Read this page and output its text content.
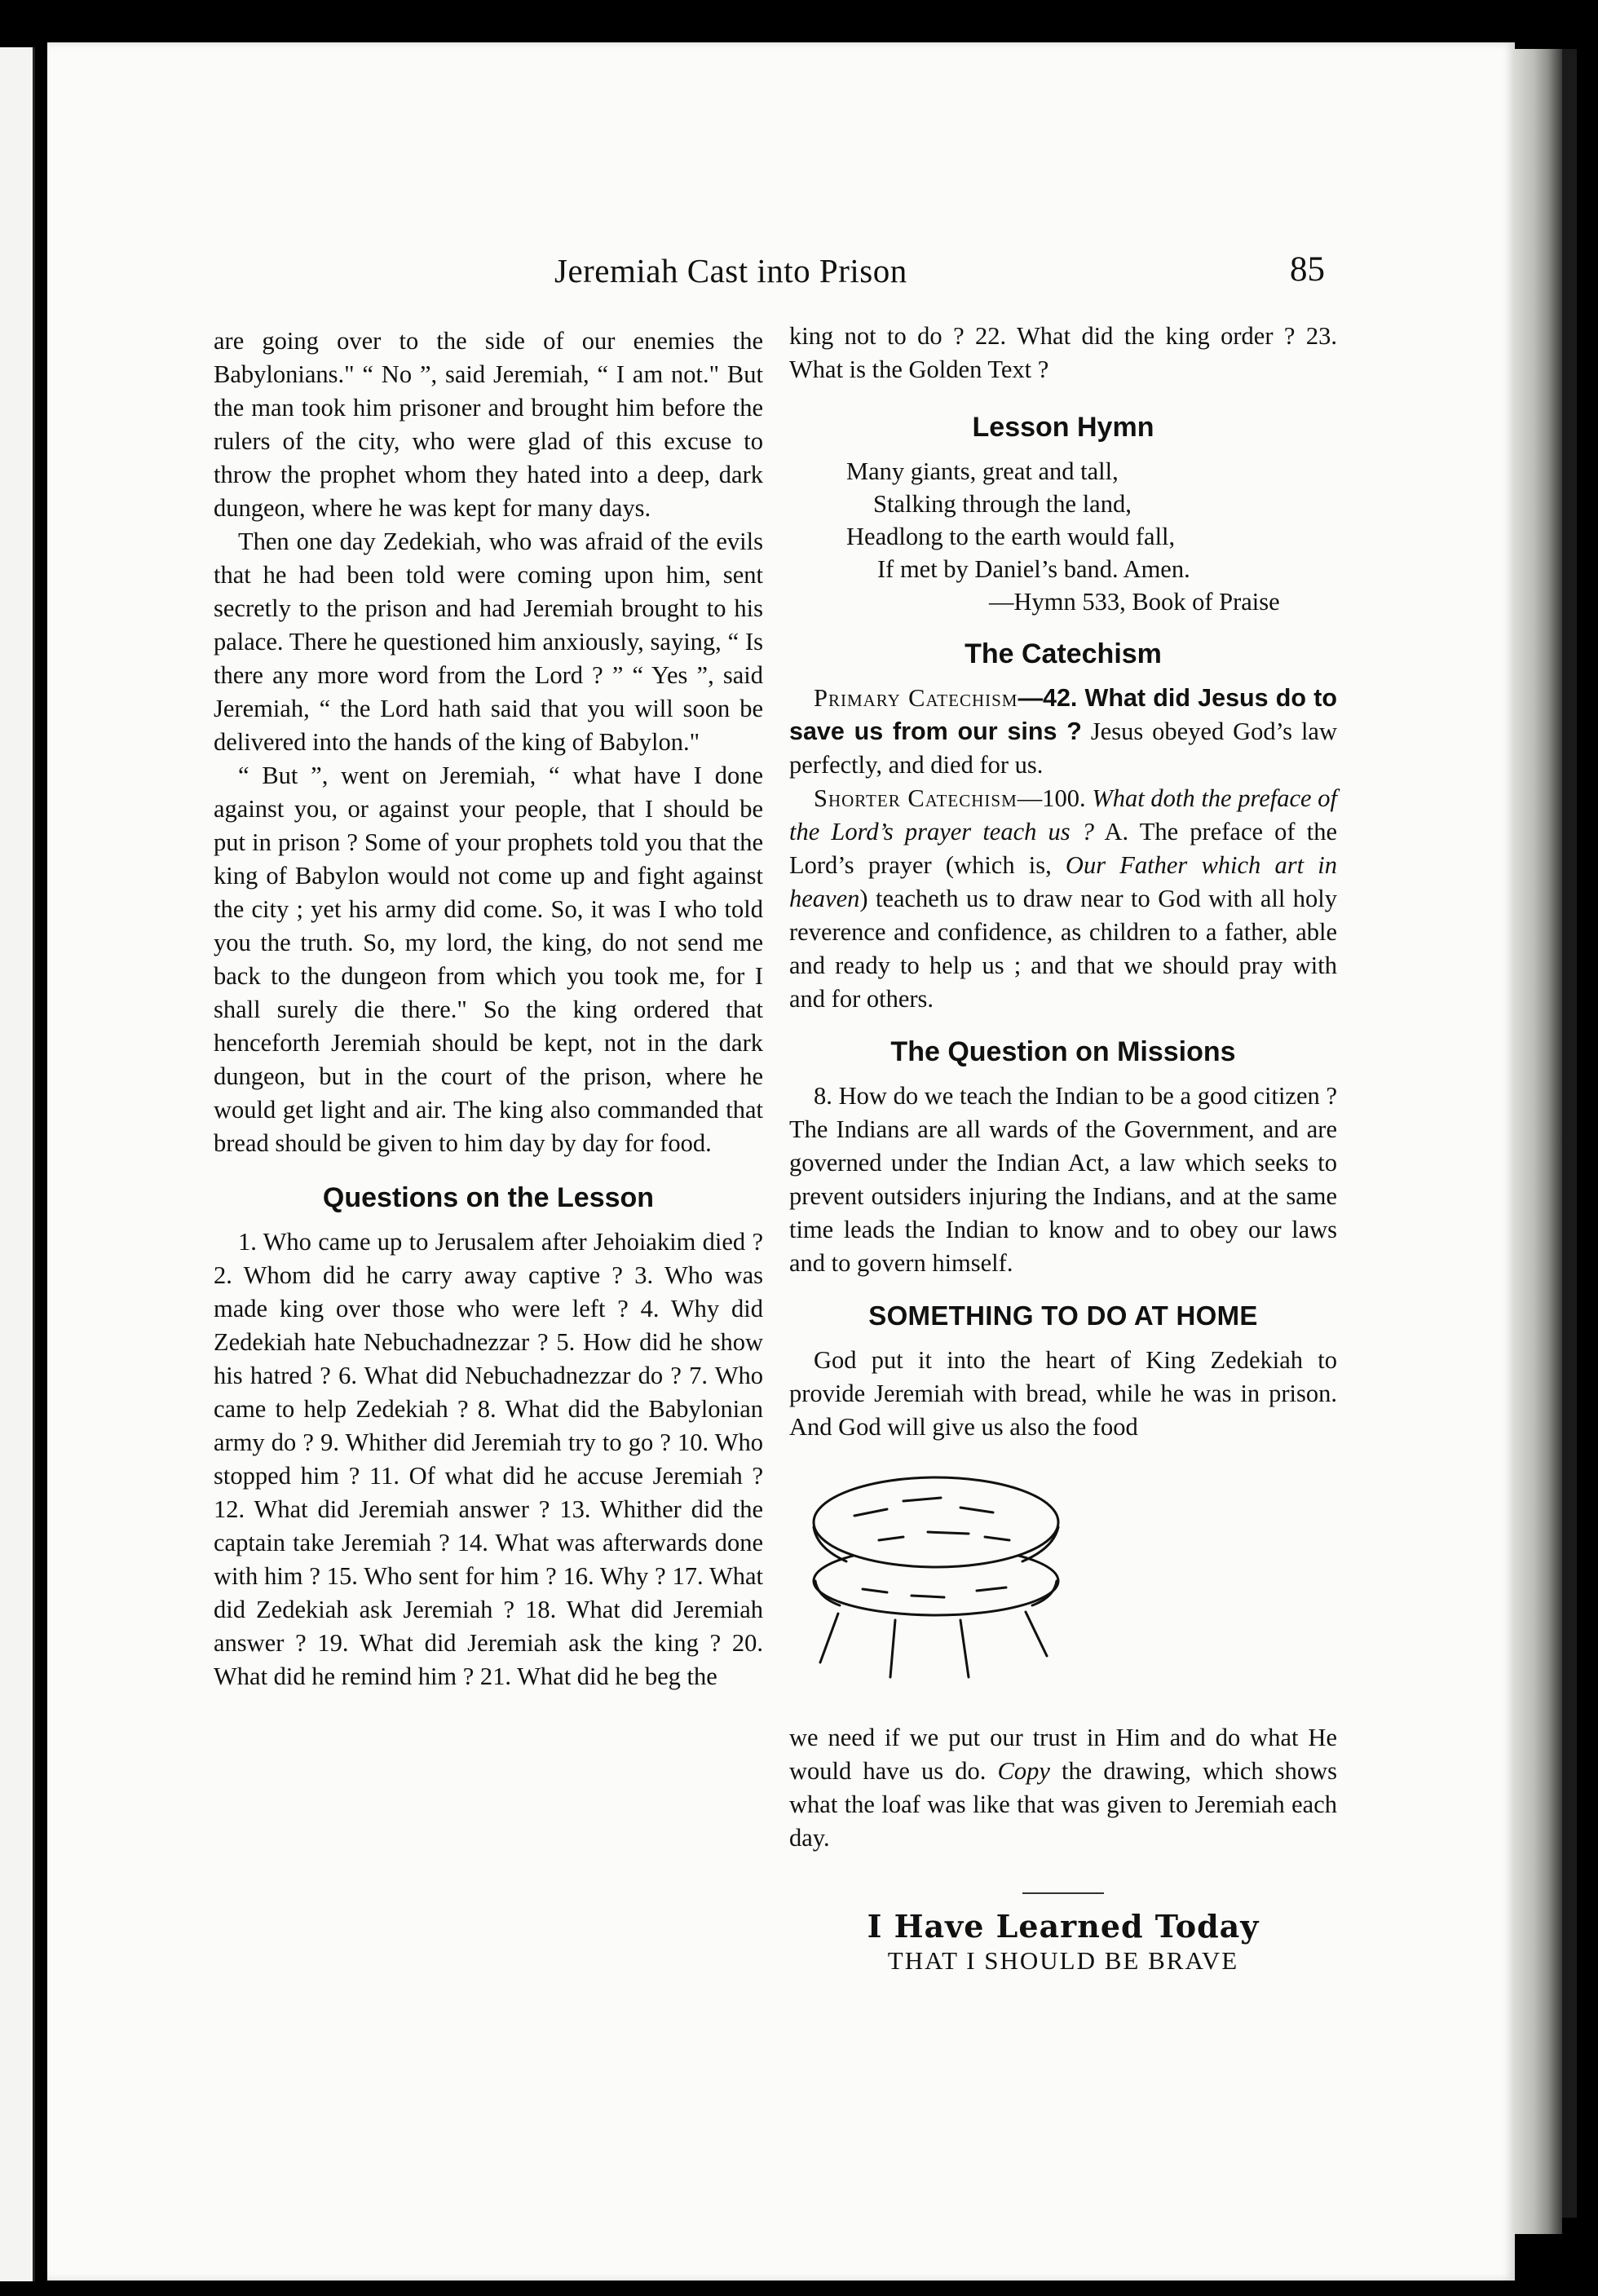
Jeremiah Cast into Prison	85

are going over to the side of our enemies the Babylonians." “ No ”, said Jeremiah, “ I am not." But the man took him prisoner and brought him before the rulers of the city, who were glad of this excuse to throw the prophet whom they hated into a deep, dark dungeon, where he was kept for many days.

Then one day Zedekiah, who was afraid of the evils that he had been told were coming upon him, sent secretly to the prison and had Jeremiah brought to his palace. There he questioned him anxiously, saying, “ Is there any more word from the Lord ? ” “ Yes ”, said Jeremiah, “ the Lord hath said that you will soon be delivered into the hands of the king of Babylon."

“ But ”, went on Jeremiah, “ what have I done against you, or against your people, that I should be put in prison ? Some of your prophets told you that the king of Babylon would not come up and fight against the city ; yet his army did come. So, it was I who told you the truth. So, my lord, the king, do not send me back to the dungeon from which you took me, for I shall surely die there." So the king ordered that henceforth Jeremiah should be kept, not in the dark dungeon, but in the court of the prison, where he would get light and air. The king also commanded that bread should be given to him day by day for food.

Questions on the Lesson

1. Who came up to Jerusalem after Jehoiakim died ? 2. Whom did he carry away captive ? 3. Who was made king over those who were left ? 4. Why did Zedekiah hate Nebuchadnezzar ? 5. How did he show his hatred ? 6. What did Nebuchadnezzar do ? 7. Who came to help Zedekiah ? 8. What did the Babylonian army do ? 9. Whither did Jeremiah try to go ? 10. Who stopped him ? 11. Of what did he accuse Jeremiah ? 12. What did Jeremiah answer ? 13. Whither did the captain take Jeremiah ? 14. What was afterwards done with him ? 15. Who sent for him ? 16. Why ? 17. What did Zedekiah ask Jeremiah ? 18. What did Jeremiah answer ? 19. What did Jeremiah ask the king ? 20. What did he remind him ? 21. What did he beg the

king not to do ? 22. What did the king order ? 23. What is the Golden Text ?

Lesson Hymn
Many giants, great and tall,
Stalking through the land,
Headlong to the earth would fall,
If met by Daniel’s band. Amen.
—Hymn 533, Book of Praise
The Catechism

Primary Catechism—42. What did Jesus do to save us from our sins ? Jesus obeyed God’s law perfectly, and died for us.

Shorter Catechism—100. What doth the preface of the Lord’s prayer teach us ? A. The preface of the Lord’s prayer (which is, Our Father which art in heaven) teacheth us to draw near to God with all holy reverence and confidence, as children to a father, able and ready to help us ; and that we should pray with and for others.

The Question on Missions

8. How do we teach the Indian to be a good citizen ? The Indians are all wards of the Government, and are governed under the Indian Act, a law which seeks to prevent outsiders injuring the Indians, and at the same time leads the Indian to know and to obey our laws and to govern himself.

SOMETHING TO DO AT HOME

God put it into the heart of King Zedekiah to provide Jeremiah with bread, while he was in prison. And God will give us also the food

we need if we put our trust in Him and do what He would have us do. Copy the drawing, which shows what the loaf was like that was given to Jeremiah each day.

I Have Learned Today
THAT I SHOULD BE BRAVE
